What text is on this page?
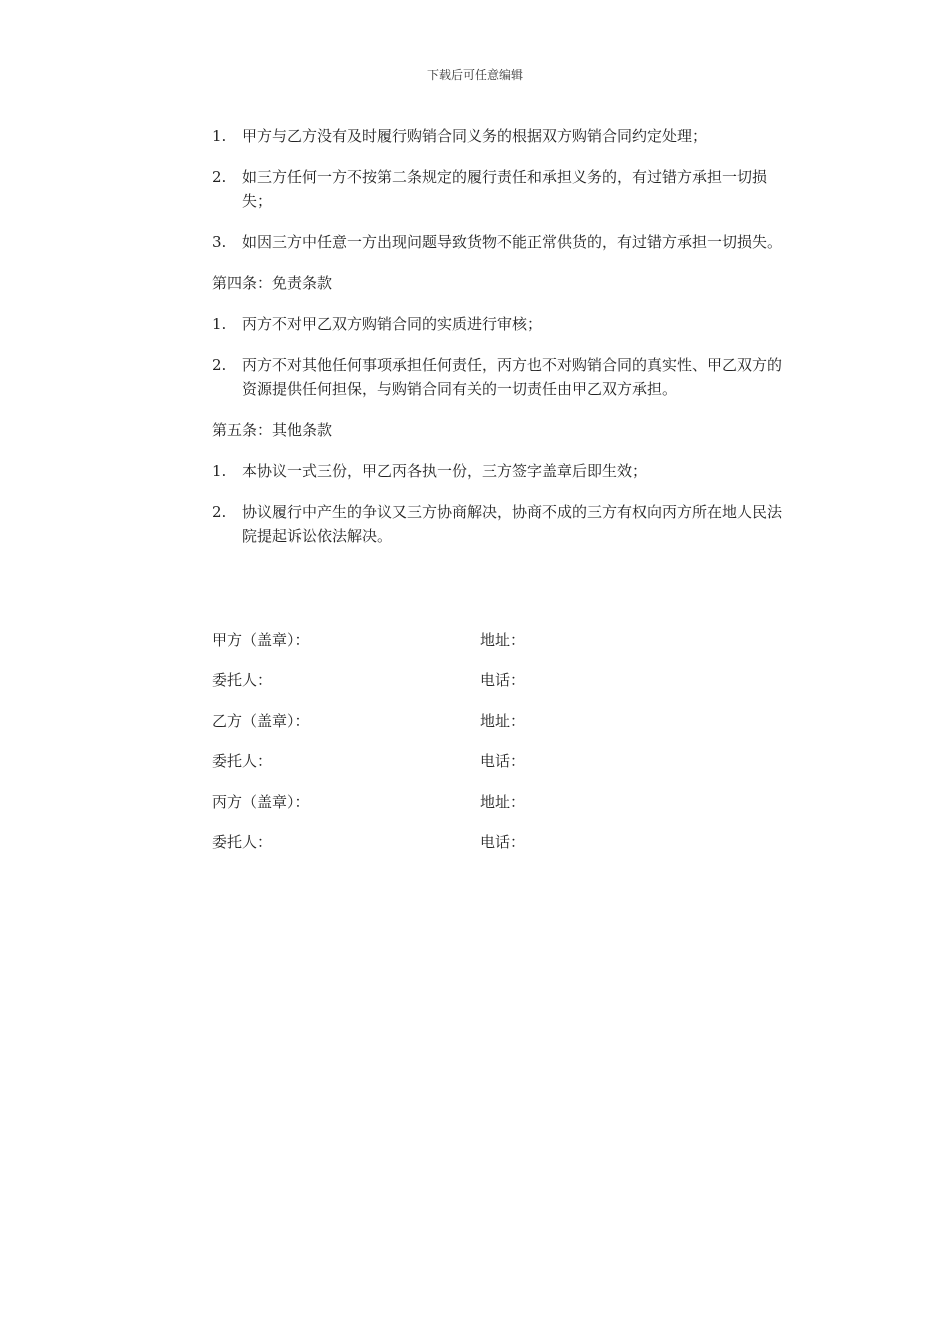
下载后可任意编辑
1.	甲方与乙方没有及时履行购销合同义务的根据双方购销合同约定处理；
2.	如三方任何一方不按第二条规定的履行责任和承担义务的，有过错方承担一切损失；
3.	如因三方中任意一方出现问题导致货物不能正常供货的，有过错方承担一切损失。
第四条：免责条款
1.	丙方不对甲乙双方购销合同的实质进行审核；
2.	丙方不对其他任何事项承担任何责任，丙方也不对购销合同的真实性、甲乙双方的资源提供任何担保，与购销合同有关的一切责任由甲乙双方承担。
第五条：其他条款
1.	本协议一式三份，甲乙丙各执一份，三方签字盖章后即生效；
2.	协议履行中产生的争议又三方协商解决，协商不成的三方有权向丙方所在地人民法院提起诉讼依法解决。
甲方（盖章）：	地址：
委托人：	电话：
乙方（盖章）：	地址：
委托人：	电话：
丙方（盖章）：	地址：
委托人：	电话：
